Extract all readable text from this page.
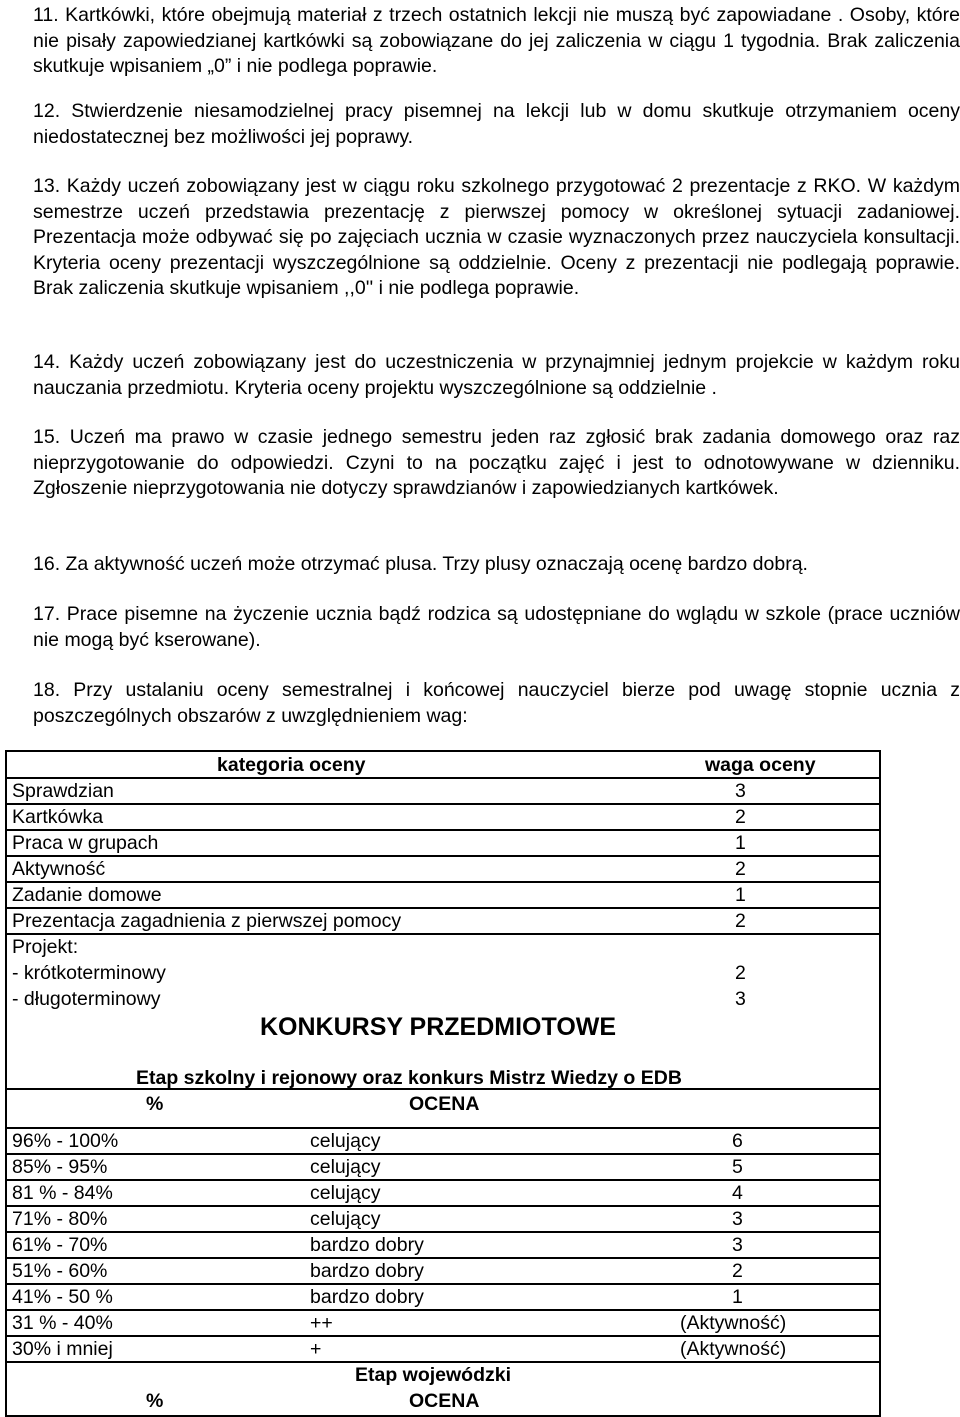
11. Kartkówki, które obejmują materiał z trzech ostatnich lekcji nie muszą być zapowiadane . Osoby, które nie pisały zapowiedzianej kartkówki są zobowiązane do jej zaliczenia w ciągu 1 tygodnia. Brak zaliczenia skutkuje wpisaniem „0” i nie podlega poprawie.
12. Stwierdzenie niesamodzielnej pracy pisemnej na lekcji lub w domu skutkuje otrzymaniem oceny niedostatecznej bez możliwości jej poprawy.
13. Każdy uczeń zobowiązany jest w ciągu roku szkolnego przygotować 2 prezentacje z RKO. W każdym semestrze uczeń przedstawia prezentację z pierwszej pomocy w określonej sytuacji zadaniowej. Prezentacja może odbywać się po zajęciach ucznia w czasie wyznaczonych przez nauczyciela konsultacji. Kryteria oceny prezentacji wyszczególnione są oddzielnie. Oceny z prezentacji nie podlegają poprawie. Brak zaliczenia skutkuje wpisaniem ,,0'' i nie podlega poprawie.
14. Każdy uczeń zobowiązany jest do uczestniczenia w przynajmniej jednym projekcie w każdym roku nauczania przedmiotu. Kryteria oceny projektu wyszczególnione są oddzielnie .
15. Uczeń ma prawo w czasie jednego semestru jeden raz zgłosić brak zadania domowego oraz raz nieprzygotowanie do odpowiedzi. Czyni to na początku zajęć i jest to odnotowywane w dzienniku. Zgłoszenie nieprzygotowania nie dotyczy sprawdzianów i zapowiedzianych kartkówek.
16. Za aktywność uczeń może otrzymać plusa. Trzy plusy oznaczają ocenę bardzo dobrą.
17. Prace pisemne na życzenie ucznia bądź rodzica są udostępniane do wglądu w szkole (prace uczniów nie mogą być kserowane).
18. Przy ustalaniu oceny semestralnej i końcowej nauczyciel bierze pod uwagę stopnie ucznia z poszczególnych obszarów z uwzględnieniem wag:
kategoria oceny	waga oceny
Sprawdzian	3
Kartkówka	2
Praca w grupach	1
Aktywność	2
Zadanie domowe	1
Prezentacja zagadnienia z pierwszej pomocy	2
Projekt:
- krótkoterminowy	2
- długoterminowy	3
KONKURSY PRZEDMIOTOWE
Etap szkolny i rejonowy oraz konkurs Mistrz Wiedzy o EDB
%	OCENA
96% - 100%	celujący	6
85% - 95%	celujący	5
81 % - 84%	celujący	4
71% - 80%	celujący	3
61% - 70%	bardzo dobry	3
51% - 60%	bardzo dobry	2
41% - 50 %	bardzo dobry	1
31 % - 40%	++	(Aktywność)
30% i mniej	+	(Aktywność)
Etap wojewódzki
%	OCENA
